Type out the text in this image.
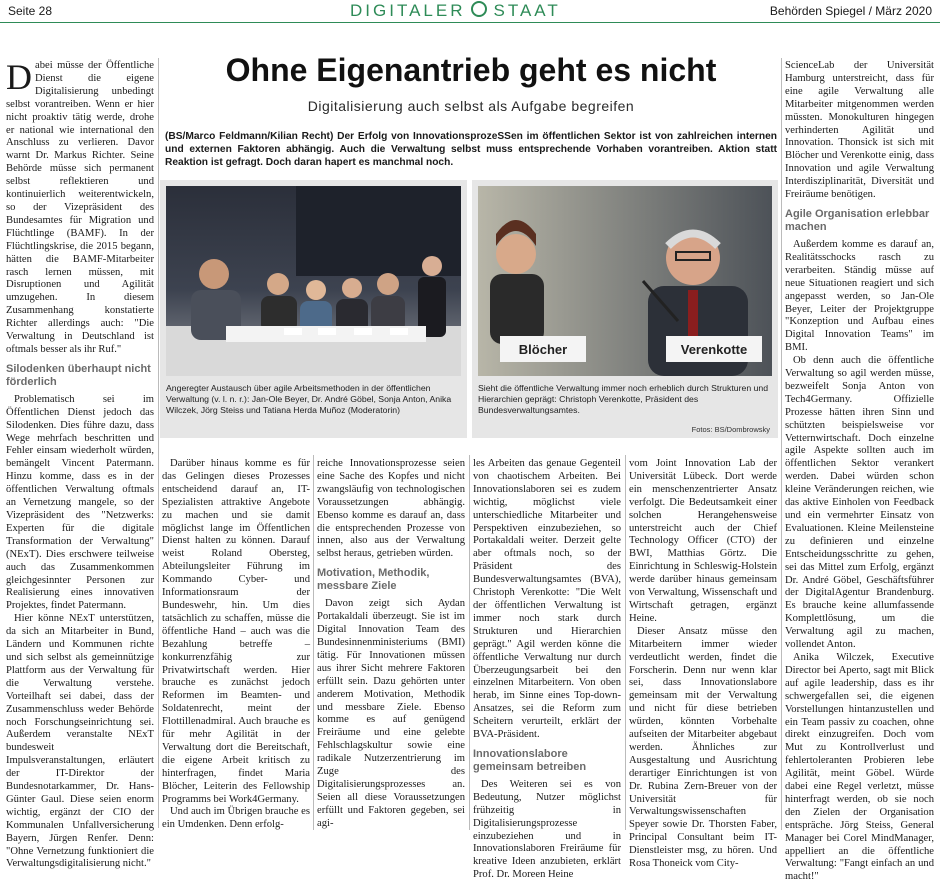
Seite 28	DIGITALER STAAT	Behörden Spiegel / März 2020

Dabei müsse der Öffentliche Dienst die eigene Digitalisierung unbedingt selbst vorantreiben. Wenn er hier nicht proaktiv tätig werde, drohe er national wie international den Anschluss zu verlieren. Davor warnt Dr. Markus Richter. Seine Behörde müsse sich permanent selbst reflektieren und kontinuierlich weiterentwickeln, so der Vizepräsident des Bundesamtes für Migration und Flüchtlinge (BAMF). In der Flüchtlingskrise, die 2015 begann, hätten die BAMF-Mitarbeiter rasch lernen müssen, mit Disruptionen und Agilität umzugehen. In diesem Zusammenhang konstatierte Richter allerdings auch: "Die Verwaltung in Deutschland ist oftmals besser als ihr Ruf."

Silodenken überhaupt nicht förderlich

Problematisch sei im Öffentlichen Dienst jedoch das Silodenken. Dies führe dazu, dass Wege mehrfach beschritten und Fehler einsam wiederholt würden, bemängelt Vincent Patermann. Hinzu komme, dass es in der öffentlichen Verwaltung oftmals an Vernetzung mangele, so der Vizepräsident des "Netzwerks: Experten für die digitale Transformation der Verwaltung" (NExT). Dies erschwere teilweise auch das Zusammenkommen gleichgesinnter Personen zur Realisierung eines innovativen Projektes, findet Patermann.

Hier könne NExT unterstützen, da sich an Mitarbeiter in Bund, Ländern und Kommunen richte und sich selbst als gemeinnützige Plattform aus der Verwaltung für die Verwaltung verstehe. Vorteilhaft sei dabei, dass der Zusammenschluss weder Behörde noch Forschungseinrichtung sei. Außerdem veranstalte NExT bundesweit Impulsveranstaltungen, erläutert der IT-Direktor der Bundesnotarkammer, Dr. Hans-Günter Gaul. Diese seien enorm wichtig, ergänzt der CIO der Kommunalen Unfallversicherung Bayern, Jürgen Renfer. Denn: "Ohne Vernetzung funktioniert die Verwaltungsdigitalisierung nicht."

Ohne Eigenantrieb geht es nicht
Digitalisierung auch selbst als Aufgabe begreifen
(BS/Marco Feldmann/Kilian Recht) Der Erfolg von InnovationsprozeSSen im öffentlichen Sektor ist von zahlreichen internen und externen Faktoren abhängig. Auch die Verwaltung selbst muss entsprechende Vorhaben vorantreiben. Aktion statt Reaktion ist gefragt. Doch daran hapert es manchmal noch.
Angeregter Austausch über agile Arbeitsmethoden in der öffentlichen Verwaltung (v. l. n. r.): Jan-Ole Beyer, Dr. André Göbel, Sonja Anton, Anika Wilczek, Jörg Steiss und Tatiana Herda Muñoz (Moderatorin)
Blöcher	Verenkotte
Sieht die öffentliche Verwaltung immer noch erheblich durch Strukturen und Hierarchien geprägt: Christoph Verenkotte, Präsident des Bundesverwaltungsamtes.
Fotos: BS/Dombrowsky

Darüber hinaus komme es für das Gelingen dieses Prozesses entscheidend darauf an, IT-Spezialisten attraktive Angebote zu machen und sie damit möglichst lange im Öffentlichen Dienst halten zu können. Darauf weist Roland Obersteg, Abteilungsleiter Führung im Kommando Cyber- und Informationsraum der Bundeswehr, hin. Um dies tatsächlich zu schaffen, müsse die öffentliche Hand – auch was die Bezahlung betreffe – konkurrenzfähig zur Privatwirtschaft werden. Hier brauche es zunächst jedoch Reformen im Beamten- und Soldatenrecht, meint der Flottillenadmiral. Auch brauche es für mehr Agilität in der Verwaltung dort die Bereitschaft, die eigene Arbeit kritisch zu hinterfragen, findet Maria Blöcher, Leiterin des Fellowship Programms bei Work4Germany.

Und auch im Übrigen brauche es ein Umdenken. Denn erfolg-

reiche Innovationsprozesse seien eine Sache des Kopfes und nicht zwangsläufig von technologischen Voraussetzungen abhängig. Ebenso komme es darauf an, dass die entsprechenden Prozesse von innen, also aus der Verwaltung selbst heraus, getrieben würden.

Motivation, Methodik, messbare Ziele

Davon zeigt sich Aydan Portakaldali überzeugt. Sie ist im Digital Innovation Team des Bundesinnenministeriums (BMI) tätig. Für Innovationen müssen aus ihrer Sicht mehrere Faktoren erfüllt sein. Dazu gehörten unter anderem Motivation, Methodik und messbare Ziele. Ebenso komme es auf genügend Freiräume und eine gelebte Fehlschlagskultur sowie eine radikale Nutzerzentrierung im Zuge des Digitalisierungsprozesses an. Seien all diese Voraussetzungen erfüllt und Faktoren gegeben, sei agi-

les Arbeiten das genaue Gegenteil von chaotischem Arbeiten. Bei Innovationslaboren sei es zudem wichtig, möglichst viele unterschiedliche Mitarbeiter und Perspektiven einzubeziehen, so Portakaldali weiter. Derzeit gelte aber oftmals noch, so der Präsident des Bundesverwaltungsamtes (BVA), Christoph Verenkotte: "Die Welt der öffentlichen Verwaltung ist immer noch stark durch Strukturen und Hierarchien geprägt." Agil werden könne die öffentliche Verwaltung nur durch Überzeugungsarbeit bei den einzelnen Mitarbeitern. Von oben herab, im Sinne eines Top-down-Ansatzes, sei die Reform zum Scheitern verurteilt, erklärt der BVA-Präsident.

Innovationslabore gemeinsam betreiben

Des Weiteren sei es von Bedeutung, Nutzer möglichst frühzeitig in Digitalisierungsprozesse einzubeziehen und in Innovationslaboren Freiräume für kreative Ideen anzubieten, erklärt Prof. Dr. Moreen Heine

vom Joint Innovation Lab der Universität Lübeck. Dort werde ein menschenzentrierter Ansatz verfolgt. Die Bedeutsamkeit einer solchen Herangehensweise unterstreicht auch der Chief Technology Officer (CTO) der BWI, Matthias Görtz. Die Einrichtung in Schleswig-Holstein werde darüber hinaus gemeinsam von Verwaltung, Wissenschaft und Wirtschaft getragen, ergänzt Heine.

Dieser Ansatz müsse den Mitarbeitern immer wieder verdeutlicht werden, findet die Forscherin. Denn nur wenn klar sei, dass Innovationslabore gemeinsam mit der Verwaltung und nicht für diese betrieben würden, könnten Vorbehalte aufseiten der Mitarbeiter abgebaut werden. Ähnliches zur Ausgestaltung und Ausrichtung derartiger Einrichtungen ist von Dr. Rubina Zern-Breuer von der Universität für Verwaltungswissenschaften Speyer sowie Dr. Thorsten Faber, Principal Consultant beim IT-Dienstleister msg, zu hören. Und Rosa Thoneick vom City-

ScienceLab der Universität Hamburg unterstreicht, dass für eine agile Verwaltung alle Mitarbeiter mitgenommen werden müssten. Monokulturen hingegen verhinderten Agilität und Innovation. Thonsick ist sich mit Blöcher und Verenkotte einig, dass Innovation und agile Verwaltung Interdisziplinarität, Diversität und Freiräume benötigen.

Agile Organisation erlebbar machen

Außerdem komme es darauf an, Realitätsschocks rasch zu verarbeiten. Ständig müsse auf neue Situationen reagiert und sich angepasst werden, so Jan-Ole Beyer, Leiter der Projektgruppe "Konzeption und Aufbau eines Digital Innovation Teams" im BMI.

Ob denn auch die öffentliche Verwaltung so agil werden müsse, bezweifelt Sonja Anton von Tech4Germany. Offizielle Prozesse hätten ihren Sinn und schützten beispielsweise vor Vetternwirtschaft. Doch einzelne agile Aspekte sollten auch im öffentlichen Sektor verankert werden. Dabei würden schon kleine Veränderungen reichen, wie das aktive Einholen von Feedback und ein vermehrter Einsatz von Evaluationen. Kleine Meilensteine zu definieren und einzelne Entscheidungsschritte zu gehen, sei das Mittel zum Erfolg, ergänzt Dr. André Göbel, Geschäftsführer der DigitalAgentur Brandenburg. Es brauche keine allumfassende Komplettlösung, um die Verwaltung agil zu machen, vollendet Anton.

Anika Wilczek, Executive Director bei Aperto, sagt mit Blick auf agile leadership, dass es ihr schwergefallen sei, die eigenen Vorstellungen hintanzustellen und ein Team passiv zu coachen, ohne direkt einzugreifen. Doch vom Mut zu Kontrollverlust und fehlertoleranten Probieren lebe Agilität, meint Göbel. Würde dabei eine Regel verletzt, müsse hinterfragt werden, ob sie noch den Zielen der Organisation entspräche. Jörg Steiss, General Manager bei Corel MindManager, appelliert an die öffentliche Verwaltung: "Fangt einfach an und macht!"
